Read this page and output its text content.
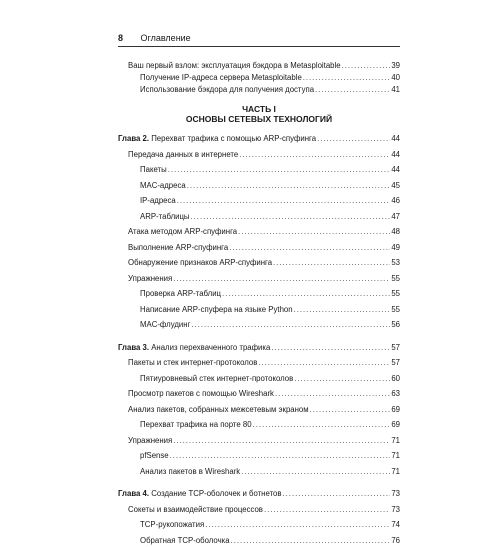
8 Оглавление
ЧАСТЬ I
ОСНОВЫ СЕТЕВЫХ ТЕХНОЛОГИЙ
Ваш первый взлом: эксплуатация бэкдора в Metasploitable . . .	39
Получение IP-адреса сервера Metasploitable . . .	40
Использование бэкдора для получения доступа . . .	41
Глава 2. Перехват трафика с помощью ARP-спуфинга . . .	44
Передача данных в интернете . . .	44
Пакеты . . .	44
MAC-адреса . . .	45
IP-адреса . . .	46
ARP-таблицы . . .	47
Атака методом ARP-спуфинга . . .	48
Выполнение ARP-спуфинга . . .	49
Обнаружение признаков ARP-спуфинга . . .	53
Упражнения . . .	55
Проверка ARP-таблиц . . .	55
Написание ARP-спуфера на языке Python . . .	55
MAC-флудинг . . .	56
Глава 3. Анализ перехваченного трафика . . .	57
Пакеты и стек интернет-протоколов . . .	57
Пятиуровневый стек интернет-протоколов . . .	60
Просмотр пакетов с помощью Wireshark . . .	63
Анализ пакетов, собранных межсетевым экраном . . .	69
Перехват трафика на порте 80 . . .	69
Упражнения . . .	71
pfSense . . .	71
Анализ пакетов в Wireshark . . .	71
Глава 4. Создание TCP-оболочек и ботнетов . . .	73
Сокеты и взаимодействие процессов . . .	73
TCP-рукопожатия . . .	74
Обратная TCP-оболочка . . .	76
